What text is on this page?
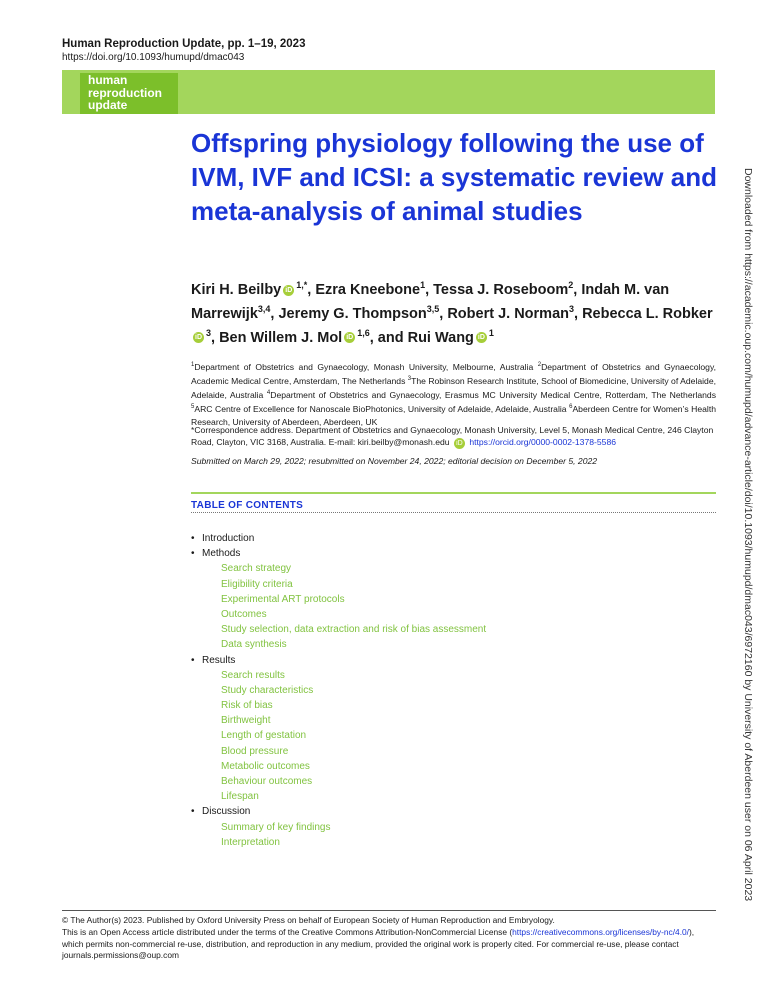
Human Reproduction Update, pp. 1–19, 2023
https://doi.org/10.1093/humupd/dmac043
human
reproduction
update
Offspring physiology following the use of IVM, IVF and ICSI: a systematic review and meta-analysis of animal studies
Kiri H. Beilby iD $^{1,*}$, Ezra Kneebone$^1$, Tessa J. Roseboom$^2$, Indah M. van Marrewijk$^{3,4}$, Jeremy G. Thompson$^{3,5}$, Robert J. Norman$^3$, Rebecca L. RobkeriD $^3$, Ben Willem J. Mol iD $^{1,6}$, and Rui Wang iD $^1$
$^1$Department of Obstetrics and Gynaecology, Monash University, Melbourne, Australia $^2$Department of Obstetrics and Gynaecology, Academic Medical Centre, Amsterdam, The Netherlands $^3$The Robinson Research Institute, School of Biomedicine, University of Adelaide, Adelaide, Australia $^4$Department of Obstetrics and Gynaecology, Erasmus MC University Medical Centre, Rotterdam, The Netherlands $^5$ARC Centre of Excellence for Nanoscale BioPhotonics, University of Adelaide, Adelaide, Australia $^6$Aberdeen Centre for Women’s Health Research, University of Aberdeen, Aberdeen, UK
*Correspondence address. Department of Obstetrics and Gynaecology, Monash University, Level 5, Monash Medical Centre, 246 Clayton Road, Clayton, VIC 3168, Australia. E-mail: kiri.beilby@monash.edu iD https://orcid.org/0000-0002-1378-5586
Submitted on March 29, 2022; resubmitted on November 24, 2022; editorial decision on December 5, 2022
TABLE OF CONTENTS
• Introduction
• Methods
Search strategy
Eligibility criteria
Experimental ART protocols
Outcomes
Study selection, data extraction and risk of bias assessment
Data synthesis
• Results
Search results
Study characteristics
Risk of bias
Birthweight
Length of gestation
Blood pressure
Metabolic outcomes
Behaviour outcomes
Lifespan
• Discussion
Summary of key findings
Interpretation	Downloaded from https://academic.oup.com/humupd/advance-article/doi/10.1093/humupd/dmac043/6972160 by University of Aberdeen user on 06 April 2023
© The Author(s) 2023. Published by Oxford University Press on behalf of European Society of Human Reproduction and Embryology.
This is an Open Access article distributed under the terms of the Creative Commons Attribution-NonCommercial License (https://creativecommons.org/licenses/by-nc/4.0/), which permits non-commercial re-use, distribution, and reproduction in any medium, provided the original work is properly cited. For commercial re-use, please contact journals.permissions@oup.com
